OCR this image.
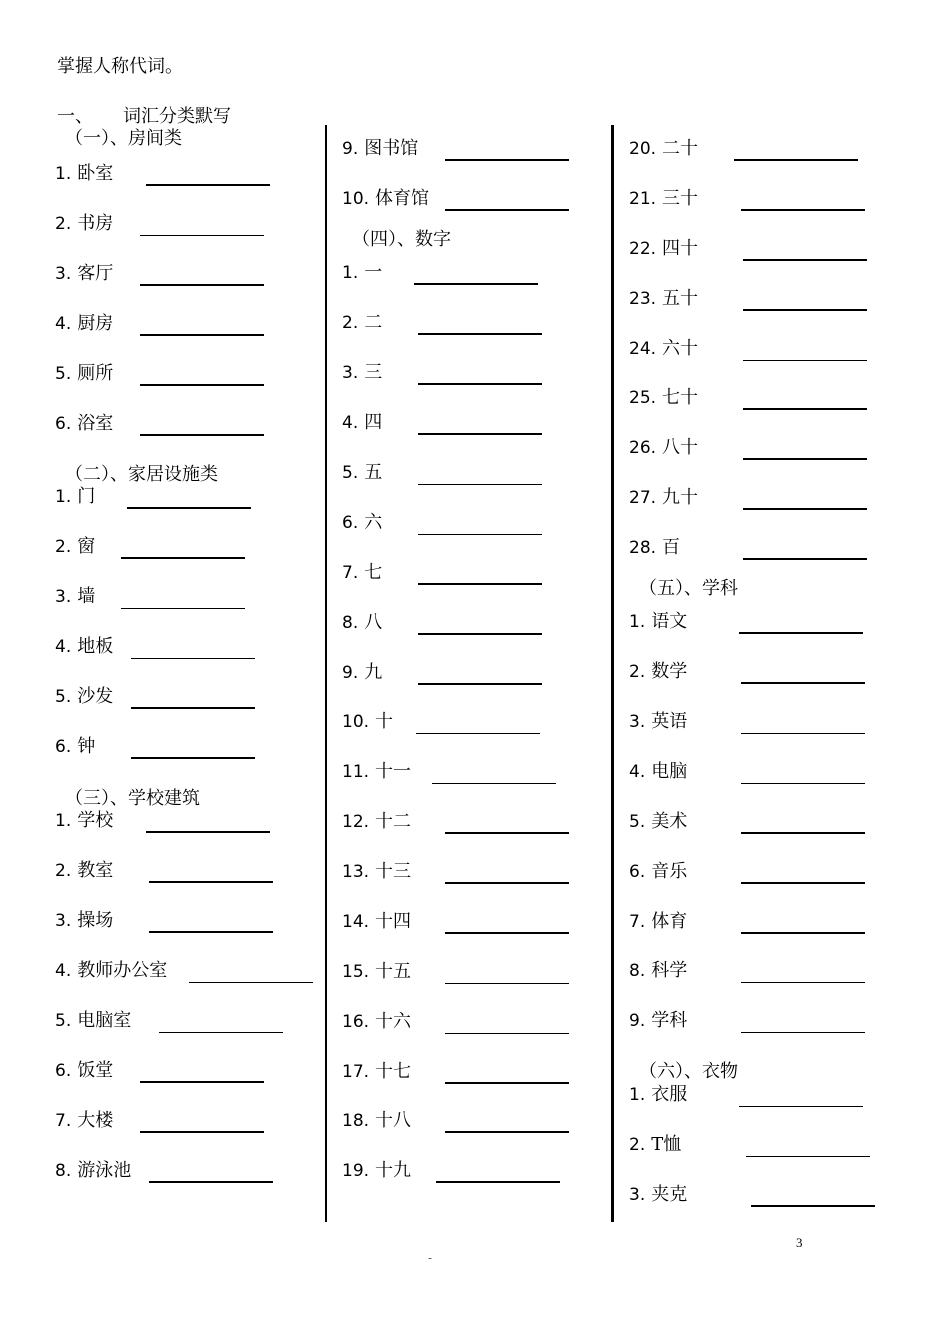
掌握人称代词。
一、 词汇分类默写
（一）、房间类
1. 卧室
2. 书房
3. 客厅
4. 厨房
5. 厕所
6. 浴室
（二）、家居设施类
1. 门
2. 窗
3. 墙
4. 地板
5. 沙发
6. 钟
（三）、学校建筑
1. 学校
2. 教室
3. 操场
4. 教师办公室
5. 电脑室
6. 饭堂
7. 大楼
8. 游泳池
9. 图书馆
10. 体育馆
（四）、数字
1. 一
2. 二
3. 三
4. 四
5. 五
6. 六
7. 七
8. 八
9. 九
10. 十
11. 十一
12. 十二
13. 十三
14. 十四
15. 十五
16. 十六
17. 十七
18. 十八
19. 十九
20. 二十
21. 三十
22. 四十
23. 五十
24. 六十
25. 七十
26. 八十
27. 九十
28. 百
（五）、学科
1. 语文
2. 数学
3. 英语
4. 电脑
5. 美术
6. 音乐
7. 体育
8. 科学
9. 学科
（六）、衣物
1. 衣服
2. T恤
3. 夹克
3
-
